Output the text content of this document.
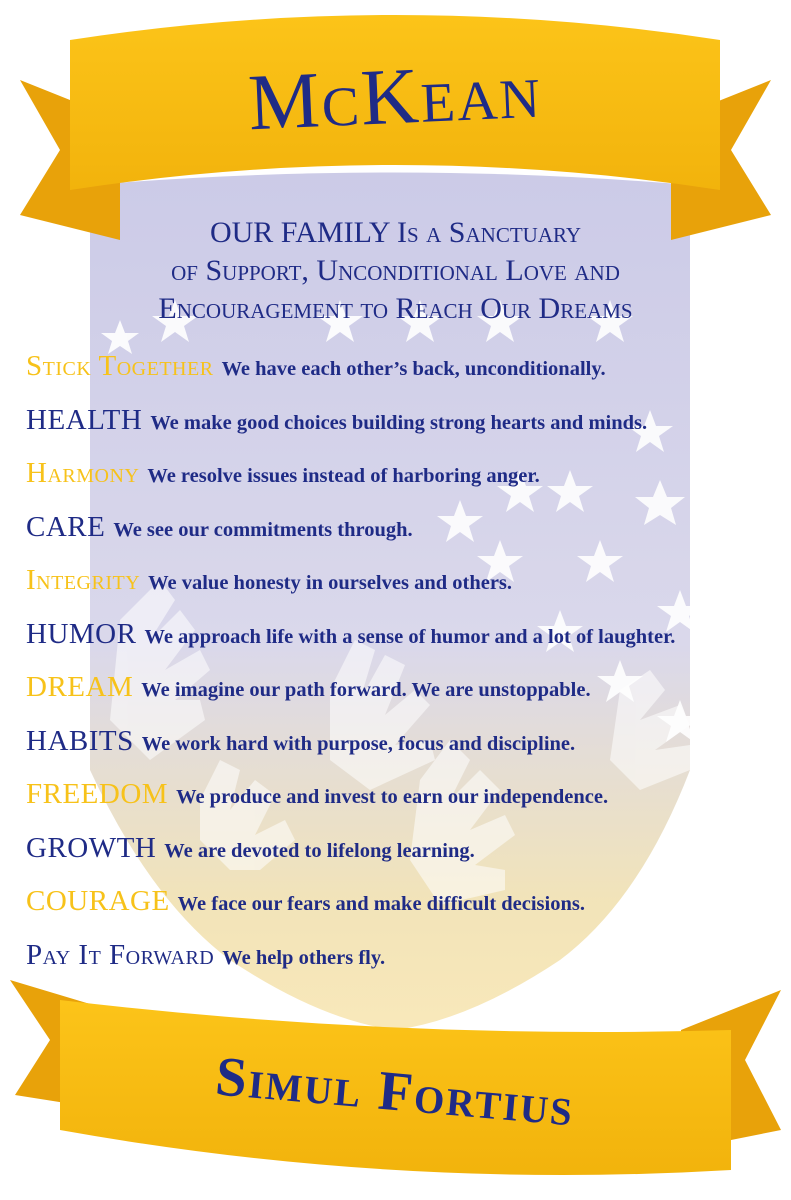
McKean
OUR FAMILY Is a Sanctuary
of Support, Unconditional Love and
Encouragement to Reach Our Dreams
Stick Together We have each other’s back, unconditionally.
HEALTH We make good choices building strong hearts and minds.
Harmony We resolve issues instead of harboring anger.
CARE We see our commitments through.
Integrity We value honesty in ourselves and others.
HUMOR We approach life with a sense of humor and a lot of laughter.
DREAM We imagine our path forward. We are unstoppable.
HABITS We work hard with purpose, focus and discipline.
FREEDOM We produce and invest to earn our independence.
GROWTH We are devoted to lifelong learning.
COURAGE We face our fears and make difficult decisions.
Pay It Forward We help others fly.
Simul Fortius
